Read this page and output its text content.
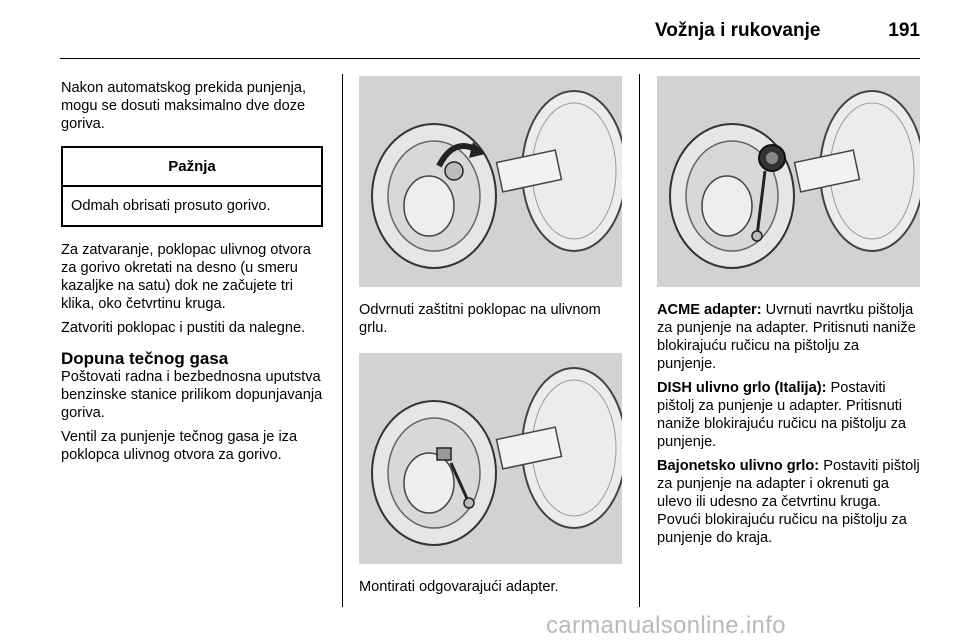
Vožnja i rukovanje	191

Nakon automatskog prekida punjenja, mogu se dosuti maksimalno dve doze goriva.

Pažnja
Odmah obrisati prosuto gorivo.

Za zatvaranje, poklopac ulivnog otvora za gorivo okretati na desno (u smeru kazaljke na satu) dok ne začujete tri klika, oko četvrtinu kruga.

Zatvoriti poklopac i pustiti da nalegne.

Dopuna tečnog gasa

Poštovati radna i bezbednosna uputstva benzinske stanice prilikom dopunjavanja goriva.

Ventil za punjenje tečnog gasa je iza poklopca ulivnog otvora za gorivo.

Odvrnuti zaštitni poklopac na ulivnom grlu.

Montirati odgovarajući adapter.

ACME adapter: Uvrnuti navrtku pištolja za punjenje na adapter. Pritisnuti naniže blokirajuću ručicu na pištolju za punjenje.

DISH ulivno grlo (Italija): Postaviti pištolj za punjenje u adapter. Pritisnuti naniže blokirajuću ručicu na pištolju za punjenje.

Bajonetsko ulivno grlo: Postaviti pištolj za punjenje na adapter i okrenuti ga ulevo ili udesno za četvrtinu kruga. Povući blokirajuću ručicu na pištolju za punjenje do kraja.

carmanualsonline.info
